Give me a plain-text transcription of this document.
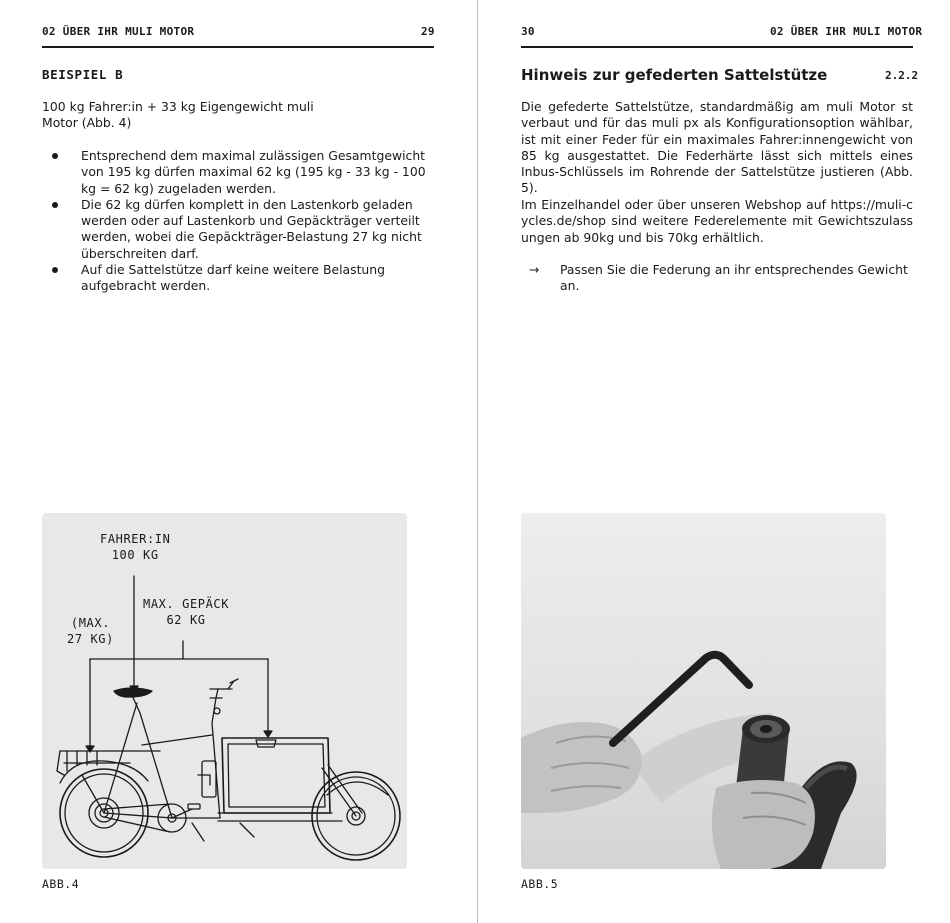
02 ÜBER IHR MULI MOTOR	29
BEISPIEL B
100 kg Fahrer:in + 33 kg Eigengewicht muli Motor (Abb. 4)
Entsprechend dem maximal zulässigen Gesamtgewicht von 195 kg dürfen maximal 62 kg (195 kg - 33 kg - 100 kg = 62 kg) zugeladen werden.
Die 62 kg dürfen komplett in den Lastenkorb geladen werden oder auf Lastenkorb und Gepäckträger verteilt werden, wobei die Gepäckträger-Belastung 27 kg nicht überschreiten darf.
Auf die Sattelstütze darf keine weitere Belastung aufgebracht werden.
FAHRER:IN
100 KG
MAX. GEPÄCK
62 KG
(MAX.
27 KG)
ABB.4
30	02 ÜBER IHR MULI MOTOR
Hinweis zur gefederten Sattelstütze	2.2.2
Die gefederte Sattelstütze, standardmäßig am muli Motor st verbaut und für das muli px als Konfigurationsoption wählbar, ist mit einer Feder für ein maximales Fahrer:innengewicht von 85 kg ausgestattet. Die Federhärte lässt sich mittels eines Inbus-Schlüssels im Rohrende der Sattelstütze justieren (Abb. 5).
Im Einzelhandel oder über unseren Webshop auf https://muli-cycles.de/shop sind weitere Federelemente mit Gewichtszulassungen ab 90kg und bis 70kg erhältlich.
→ Passen Sie die Federung an ihr entsprechendes Gewicht an.
ABB.5
